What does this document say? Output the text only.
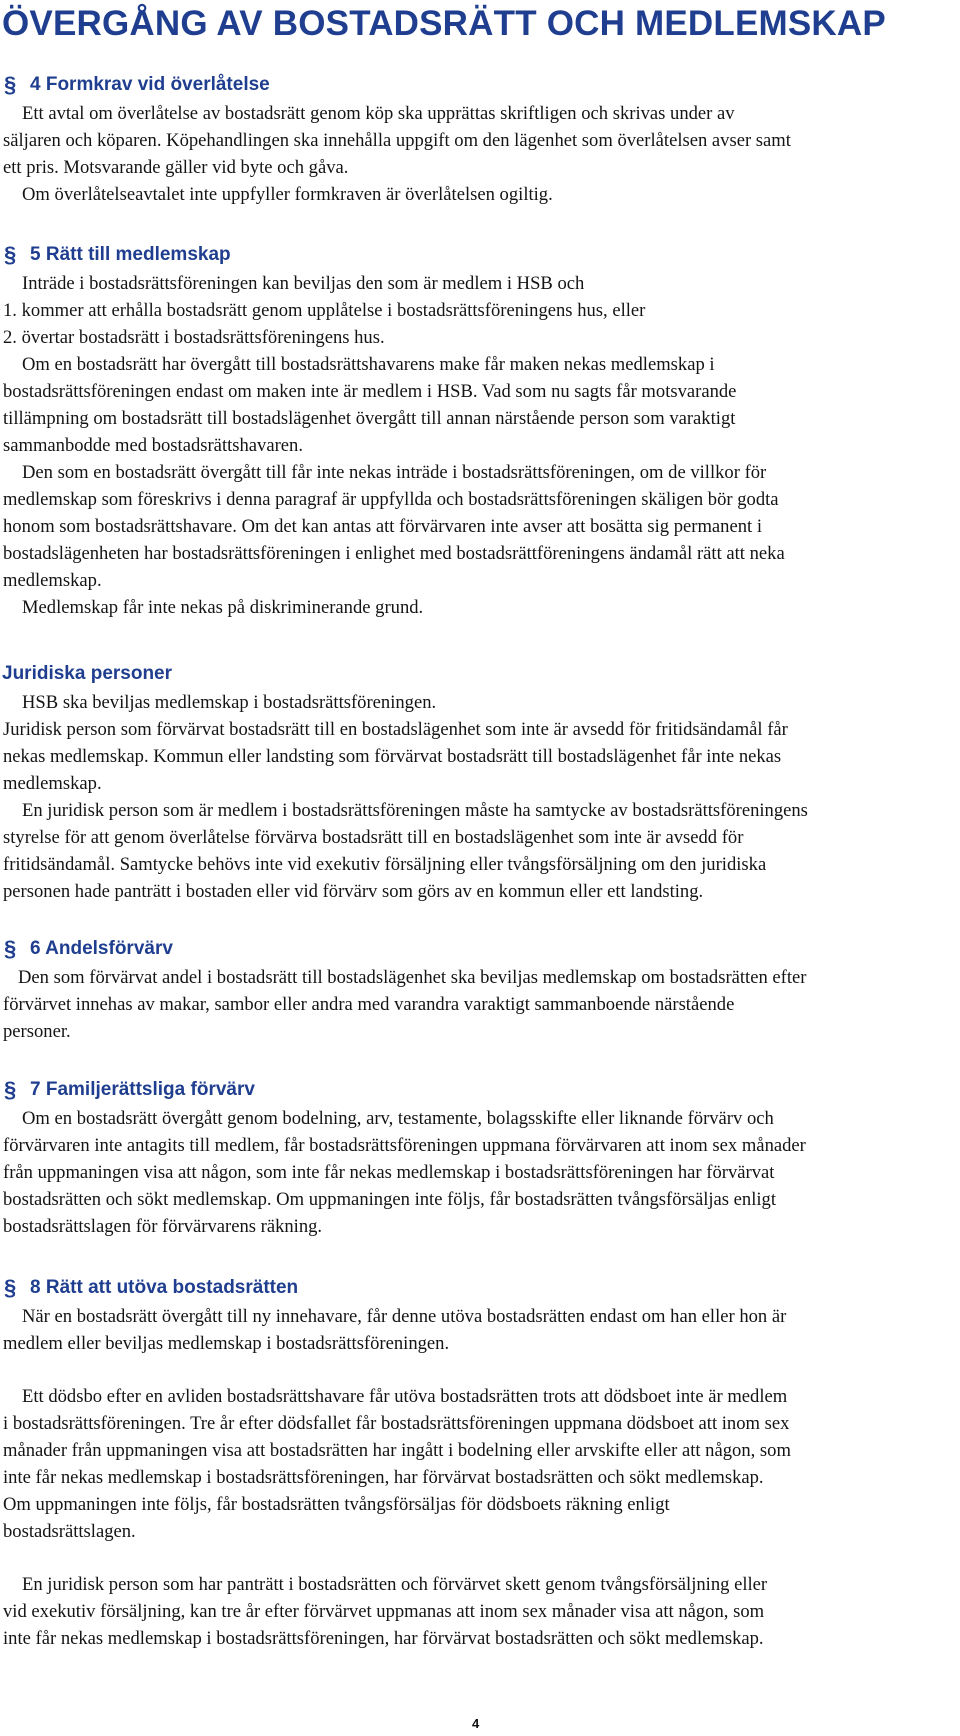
ÖVERGÅNG AV BOSTADSRÄTT OCH MEDLEMSKAP
§ 4 Formkrav vid överlåtelse

Ett avtal om överlåtelse av bostadsrätt genom köp ska upprättas skriftligen och skrivas under av

säljaren och köparen. Köpehandlingen ska innehålla uppgift om den lägenhet som överlåtelsen avser samt

ett pris. Motsvarande gäller vid byte och gåva.

Om överlåtelseavtalet inte uppfyller formkraven är överlåtelsen ogiltig.

§ 5 Rätt till medlemskap

Inträde i bostadsrättsföreningen kan beviljas den som är medlem i HSB och

1. kommer att erhålla bostadsrätt genom upplåtelse i bostadsrättsföreningens hus, eller

2. övertar bostadsrätt i bostadsrättsföreningens hus.

Om en bostadsrätt har övergått till bostadsrättshavarens make får maken nekas medlemskap i

bostadsrättsföreningen endast om maken inte är medlem i HSB. Vad som nu sagts får motsvarande

tillämpning om bostadsrätt till bostadslägenhet övergått till annan närstående person som varaktigt

sammanbodde med bostadsrättshavaren.

Den som en bostadsrätt övergått till får inte nekas inträde i bostadsrättsföreningen, om de villkor för

medlemskap som föreskrivs i denna paragraf är uppfyllda och bostadsrättsföreningen skäligen bör godta

honom som bostadsrättshavare. Om det kan antas att förvärvaren inte avser att bosätta sig permanent i

bostadslägenheten har bostadsrättsföreningen i enlighet med bostadsrättföreningens ändamål rätt att neka

medlemskap.

Medlemskap får inte nekas på diskriminerande grund.

Juridiska personer

HSB ska beviljas medlemskap i bostadsrättsföreningen.

Juridisk person som förvärvat bostadsrätt till en bostadslägenhet som inte är avsedd för fritidsändamål får

nekas medlemskap. Kommun eller landsting som förvärvat bostadsrätt till bostadslägenhet får inte nekas

medlemskap.

En juridisk person som är medlem i bostadsrättsföreningen måste ha samtycke av bostadsrättsföreningens

styrelse för att genom överlåtelse förvärva bostadsrätt till en bostadslägenhet som inte är avsedd för

fritidsändamål. Samtycke behövs inte vid exekutiv försäljning eller tvångsförsäljning om den juridiska

personen hade panträtt i bostaden eller vid förvärv som görs av en kommun eller ett landsting.

§ 6 Andelsförvärv

Den som förvärvat andel i bostadsrätt till bostadslägenhet ska beviljas medlemskap om bostadsrätten efter

förvärvet innehas av makar, sambor eller andra med varandra varaktigt sammanboende närstående

personer.

§ 7 Familjerättsliga förvärv

Om en bostadsrätt övergått genom bodelning, arv, testamente, bolagsskifte eller liknande förvärv och

förvärvaren inte antagits till medlem, får bostadsrättsföreningen uppmana förvärvaren att inom sex månader

från uppmaningen visa att någon, som inte får nekas medlemskap i bostadsrättsföreningen har förvärvat

bostadsrätten och sökt medlemskap. Om uppmaningen inte följs, får bostadsrätten tvångsförsäljas enligt

bostadsrättslagen för förvärvarens räkning.

§ 8 Rätt att utöva bostadsrätten

När en bostadsrätt övergått till ny innehavare, får denne utöva bostadsrätten endast om han eller hon är

medlem eller beviljas medlemskap i bostadsrättsföreningen.

Ett dödsbo efter en avliden bostadsrättshavare får utöva bostadsrätten trots att dödsboet inte är medlem

i bostadsrättsföreningen. Tre år efter dödsfallet får bostadsrättsföreningen uppmana dödsboet att inom sex

månader från uppmaningen visa att bostadsrätten har ingått i bodelning eller arvskifte eller att någon, som

inte får nekas medlemskap i bostadsrättsföreningen, har förvärvat bostadsrätten och sökt medlemskap.

Om uppmaningen inte följs, får bostadsrätten tvångsförsäljas för dödsboets räkning enligt

bostadsrättslagen.

En juridisk person som har panträtt i bostadsrätten och förvärvet skett genom tvångsförsäljning eller

vid exekutiv försäljning, kan tre år efter förvärvet uppmanas att inom sex månader visa att någon, som

inte får nekas medlemskap i bostadsrättsföreningen, har förvärvat bostadsrätten och sökt medlemskap.

4
